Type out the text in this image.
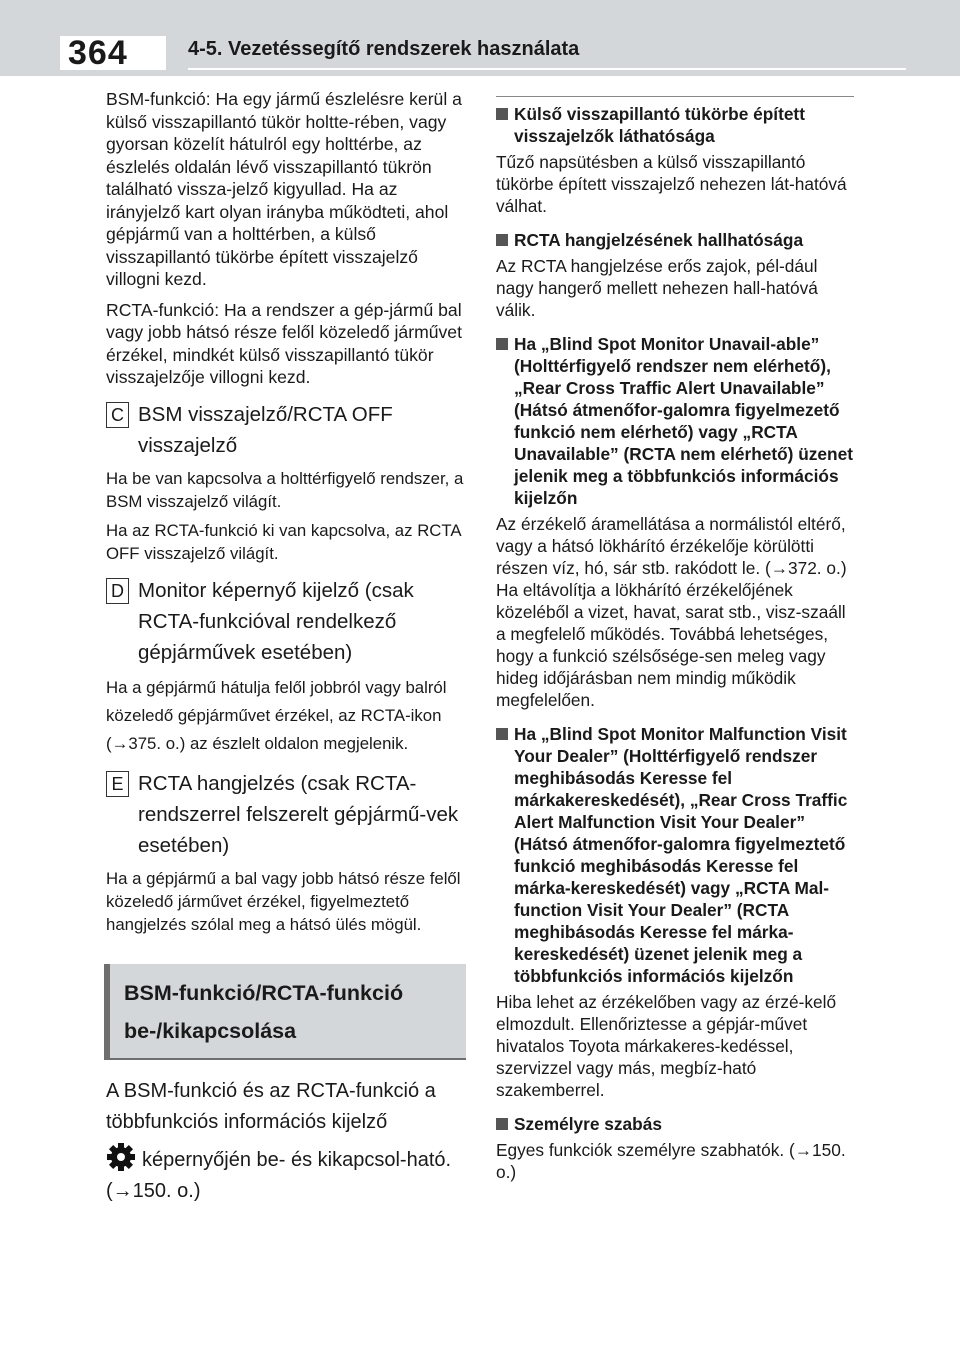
364	4-5. Vezetéssegítő rendszerek használata

BSM-funkció: Ha egy jármű észlelésre kerül a külső visszapillantó tükör holtte-rében, vagy gyorsan közelít hátulról egy holttérbe, az észlelés oldalán lévő visszapillantó tükrön található vissza-jelző kigyullad. Ha az irányjelző kart olyan irányba működteti, ahol gépjármű van a holttérben, a külső visszapillantó tükörbe épített visszajelző villogni kezd.

RCTA-funkció: Ha a rendszer a gép-jármű bal vagy jobb hátsó része felől közeledő járművet érzékel, mindkét külső visszapillantó tükör visszajelzője villogni kezd.

C BSM visszajelző/RCTA OFF visszajelző

Ha be van kapcsolva a holttérfigyelő rendszer, a BSM visszajelző világít.

Ha az RCTA-funkció ki van kapcsolva, az RCTA OFF visszajelző világít.

D Monitor képernyő kijelző (csak RCTA-funkcióval rendelkező gépjárművek esetében)

Ha a gépjármű hátulja felől jobbról vagy balról közeledő gépjárművet érzékel, az RCTA-ikon (→375. o.) az észlelt oldalon megjelenik.

E RCTA hangjelzés (csak RCTA-rendszerrel felszerelt gépjármű-vek esetében)

Ha a gépjármű a bal vagy jobb hátsó része felől közeledő járművet érzékel, figyelmeztető hangjelzés szólal meg a hátsó ülés mögül.

BSM-funkció/RCTA-funkció be-/kikapcsolása

A BSM-funkció és az RCTA-funkció a többfunkciós információs kijelző

képernyőjén be- és kikapcsol-ható. (→150. o.)

Külső visszapillantó tükörbe épített visszajelzők láthatósága

Tűző napsütésben a külső visszapillantó tükörbe épített visszajelző nehezen lát-hatóvá válhat.

RCTA hangjelzésének hallhatósága

Az RCTA hangjelzése erős zajok, pél-dául nagy hangerő mellett nehezen hall-hatóvá válik.

Ha „Blind Spot Monitor Unavail-able” (Holttérfigyelő rendszer nem elérhető), „Rear Cross Traffic Alert Unavailable” (Hátsó átmenőfor-galomra figyelmezető funkció nem elérhető) vagy „RCTA Unavailable” (RCTA nem elérhető) üzenet jelenik meg a többfunkciós információs kijelzőn

Az érzékelő áramellátása a normálistól eltérő, vagy a hátsó lökhárító érzékelője körülötti részen víz, hó, sár stb. rakódott le. (→372. o.)

Ha eltávolítja a lökhárító érzékelőjének közeléből a vizet, havat, sarat stb., visz-szaáll a megfelelő működés. Továbbá lehetséges, hogy a funkció szélsősége-sen meleg vagy hideg időjárásban nem mindig működik megfelelően.

Ha „Blind Spot Monitor Malfunction Visit Your Dealer” (Holttérfigyelő rendszer meghibásodás Keresse fel márkakereskedését), „Rear Cross Traffic Alert Malfunction Visit Your Dealer” (Hátsó átmenőfor-galomra figyelmeztető funkció meghibásodás Keresse fel márka-kereskedését) vagy „RCTA Mal-function Visit Your Dealer” (RCTA meghibásodás Keresse fel márka-kereskedését) üzenet jelenik meg a többfunkciós információs kijelzőn

Hiba lehet az érzékelőben vagy az érzé-kelő elmozdult. Ellenőriztesse a gépjár-művet hivatalos Toyota márkakeres-kedéssel, szervizzel vagy más, megbíz-ható szakemberrel.

Személyre szabás

Egyes funkciók személyre szabhatók. (→150. o.)
